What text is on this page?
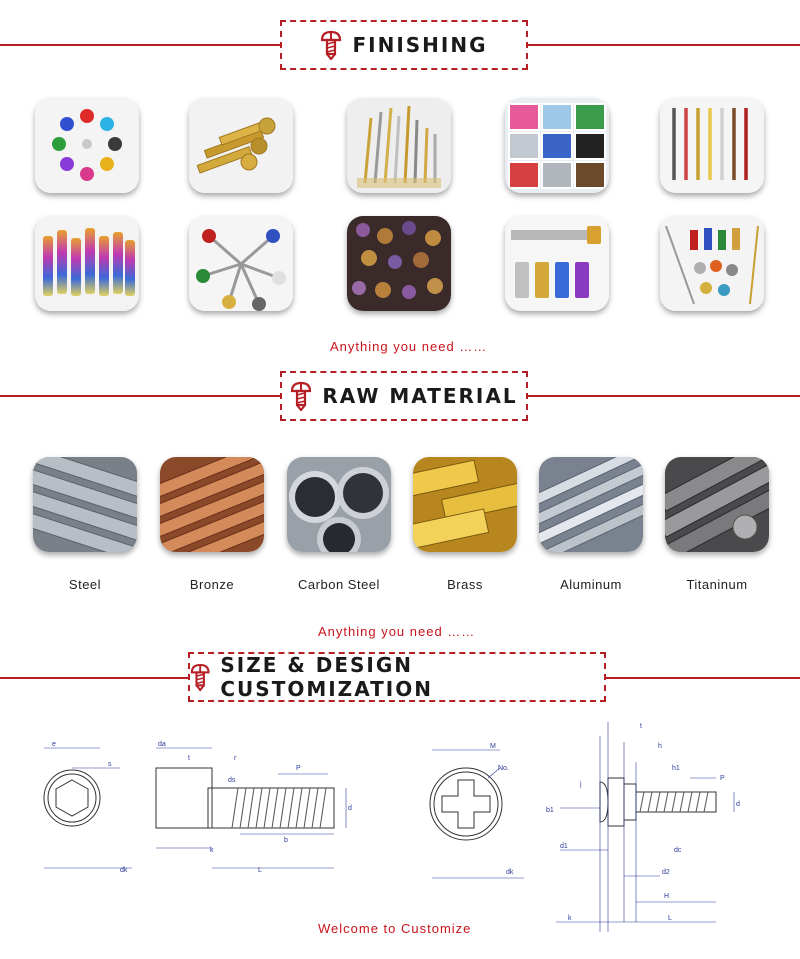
FINISHING
Anything you need ……
RAW MATERIAL
Steel	Bronze	Carbon Steel	Brass	Aluminum	Titaninum
Anything you need ……
SIZE & DESIGN CUSTOMIZATION
e
s
dk
da
t	r
ds
P
d
b
k
L
M
No.
dk
t
h
j
h1
P
b1
d
d1
dc
d2
H
k	L
Welcome to Customize
